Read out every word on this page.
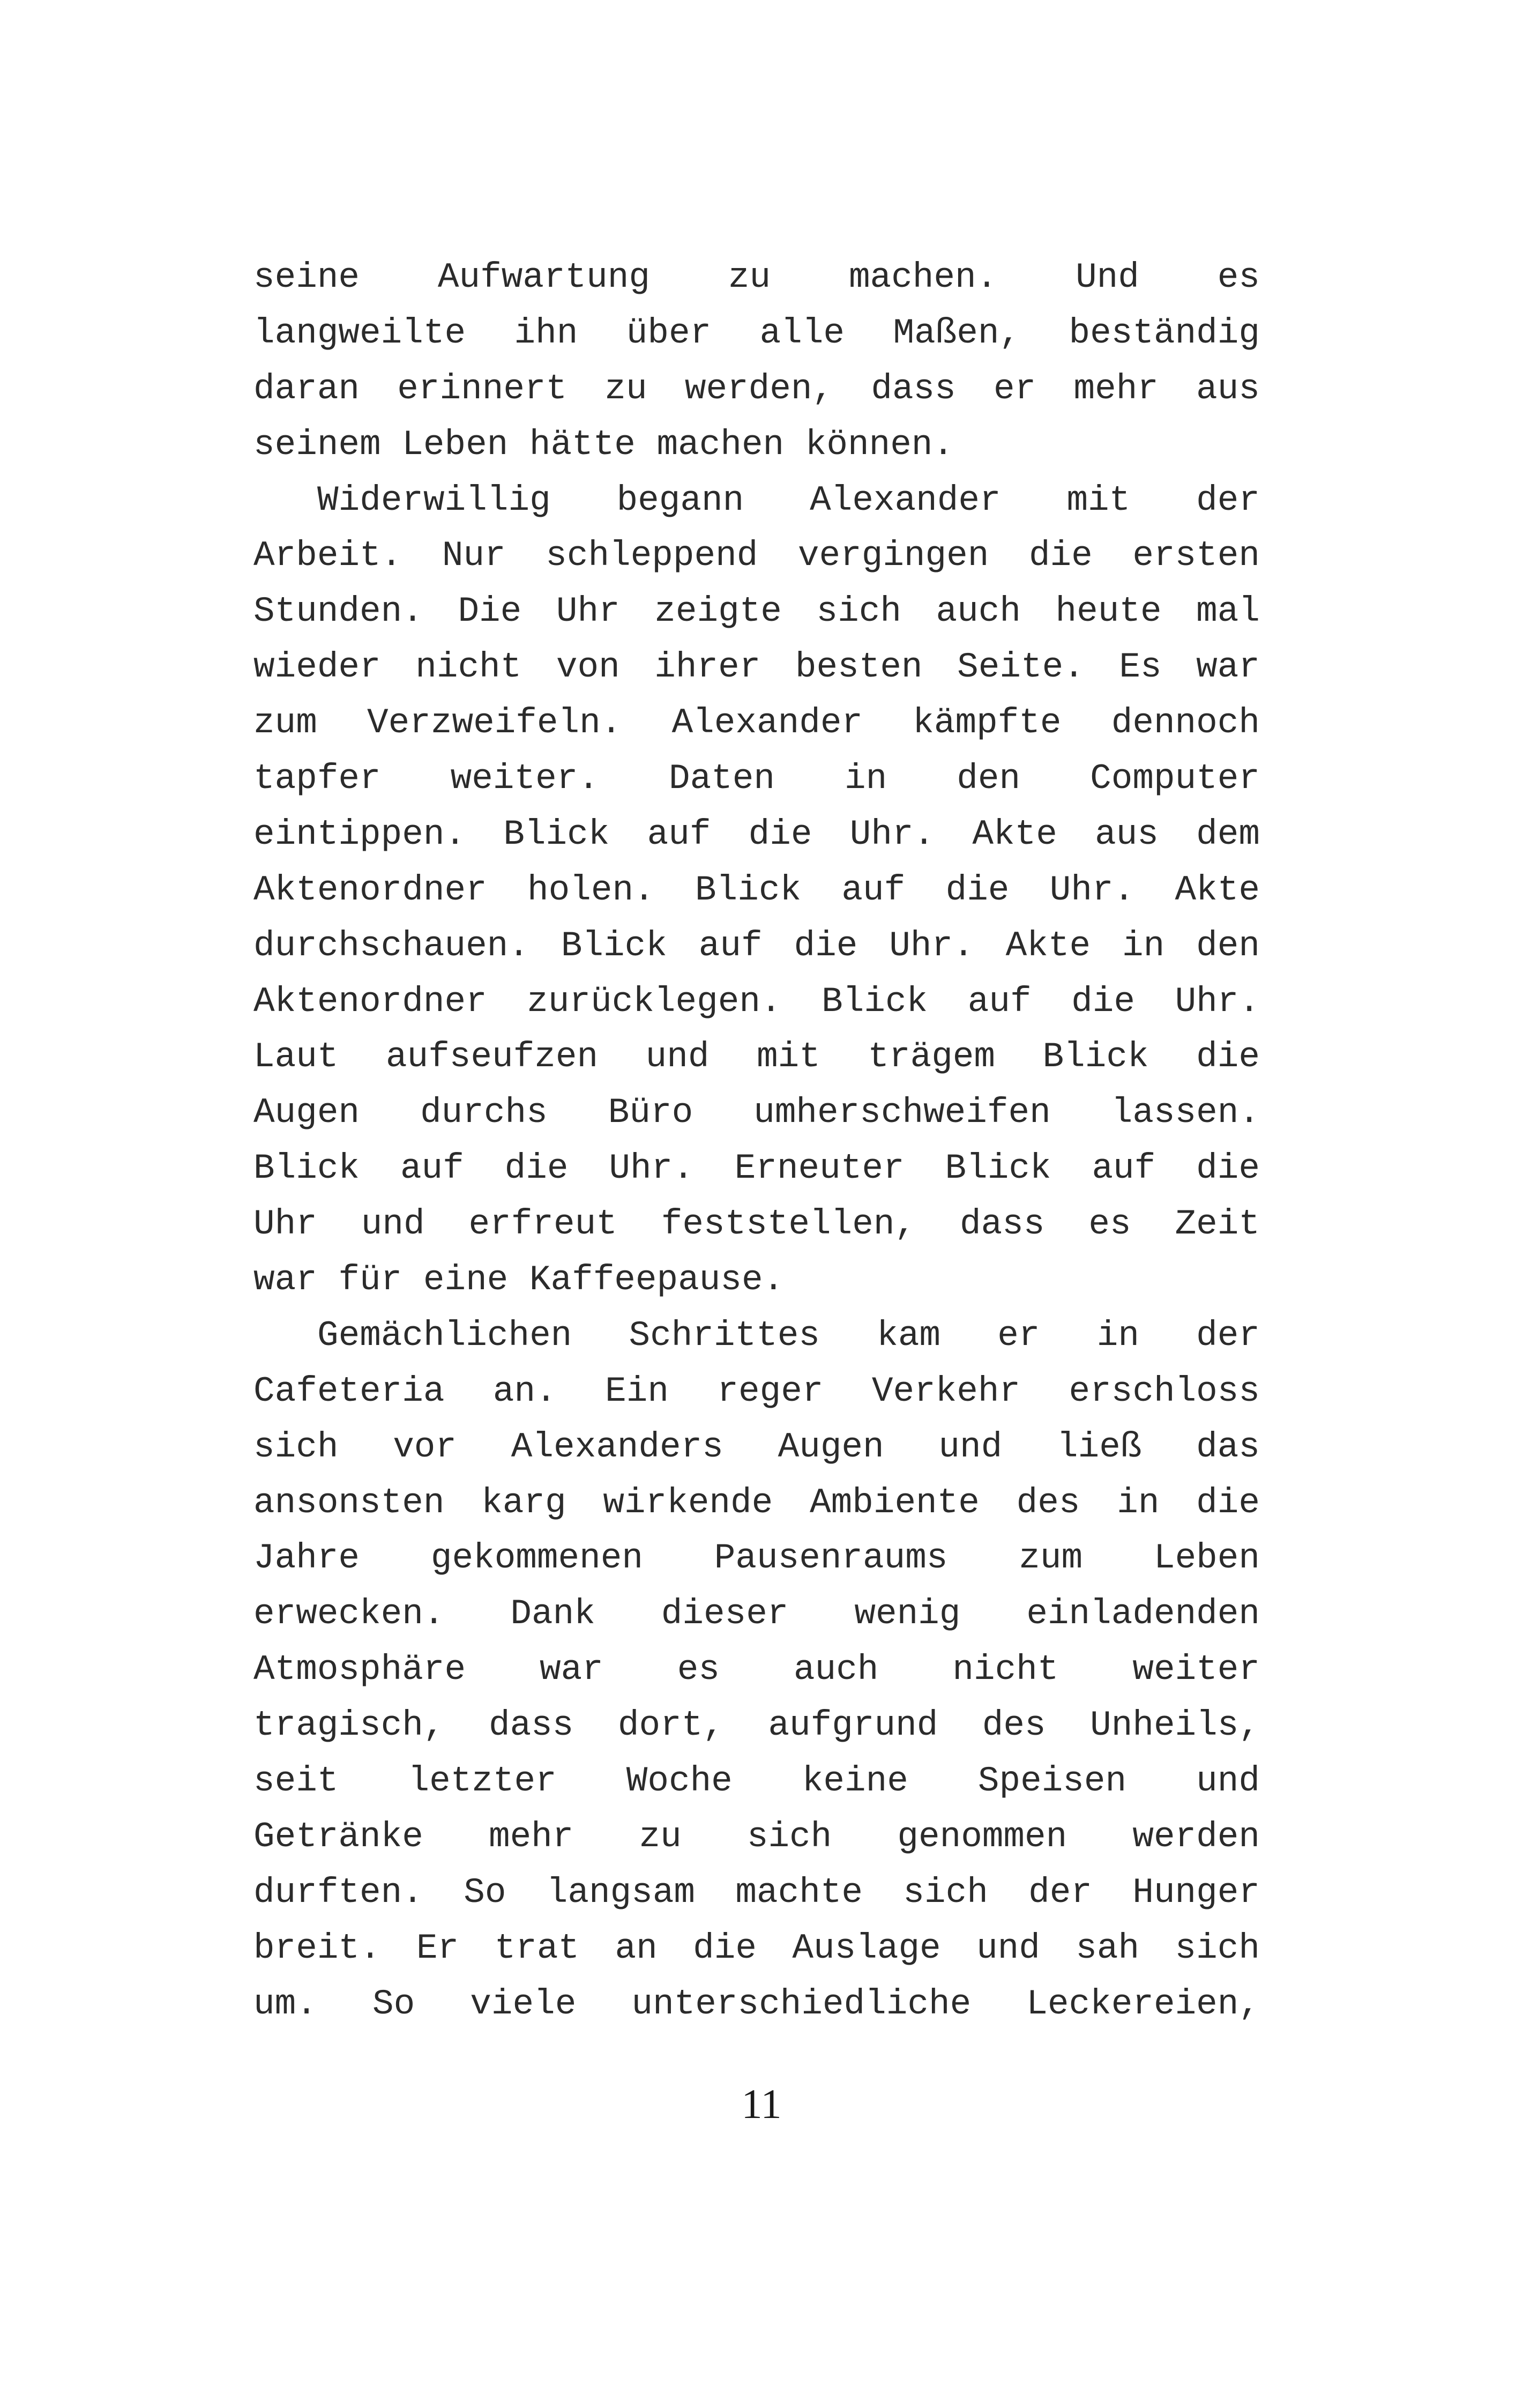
seine Aufwartung zu machen. Und es
langweilte ihn über alle Maßen, beständig
daran erinnert zu werden, dass er mehr aus
seinem Leben hätte machen können.
Widerwillig begann Alexander mit der
Arbeit. Nur schleppend vergingen die ersten
Stunden. Die Uhr zeigte sich auch heute mal
wieder nicht von ihrer besten Seite. Es war
zum Verzweifeln. Alexander kämpfte dennoch
tapfer weiter. Daten in den Computer
eintippen. Blick auf die Uhr. Akte aus dem
Aktenordner holen. Blick auf die Uhr. Akte
durchschauen. Blick auf die Uhr. Akte in den
Aktenordner zurücklegen. Blick auf die Uhr.
Laut aufseufzen und mit trägem Blick die
Augen durchs Büro umherschweifen lassen.
Blick auf die Uhr. Erneuter Blick auf die
Uhr und erfreut feststellen, dass es Zeit
war für eine Kaffeepause.
Gemächlichen Schrittes kam er in der
Cafeteria an. Ein reger Verkehr erschloss
sich vor Alexanders Augen und ließ das
ansonsten karg wirkende Ambiente des in die
Jahre gekommenen Pausenraums zum Leben
erwecken. Dank dieser wenig einladenden
Atmosphäre war es auch nicht weiter
tragisch, dass dort, aufgrund des Unheils,
seit letzter Woche keine Speisen und
Getränke mehr zu sich genommen werden
durften. So langsam machte sich der Hunger
breit. Er trat an die Auslage und sah sich
um. So viele unterschiedliche Leckereien,
11
